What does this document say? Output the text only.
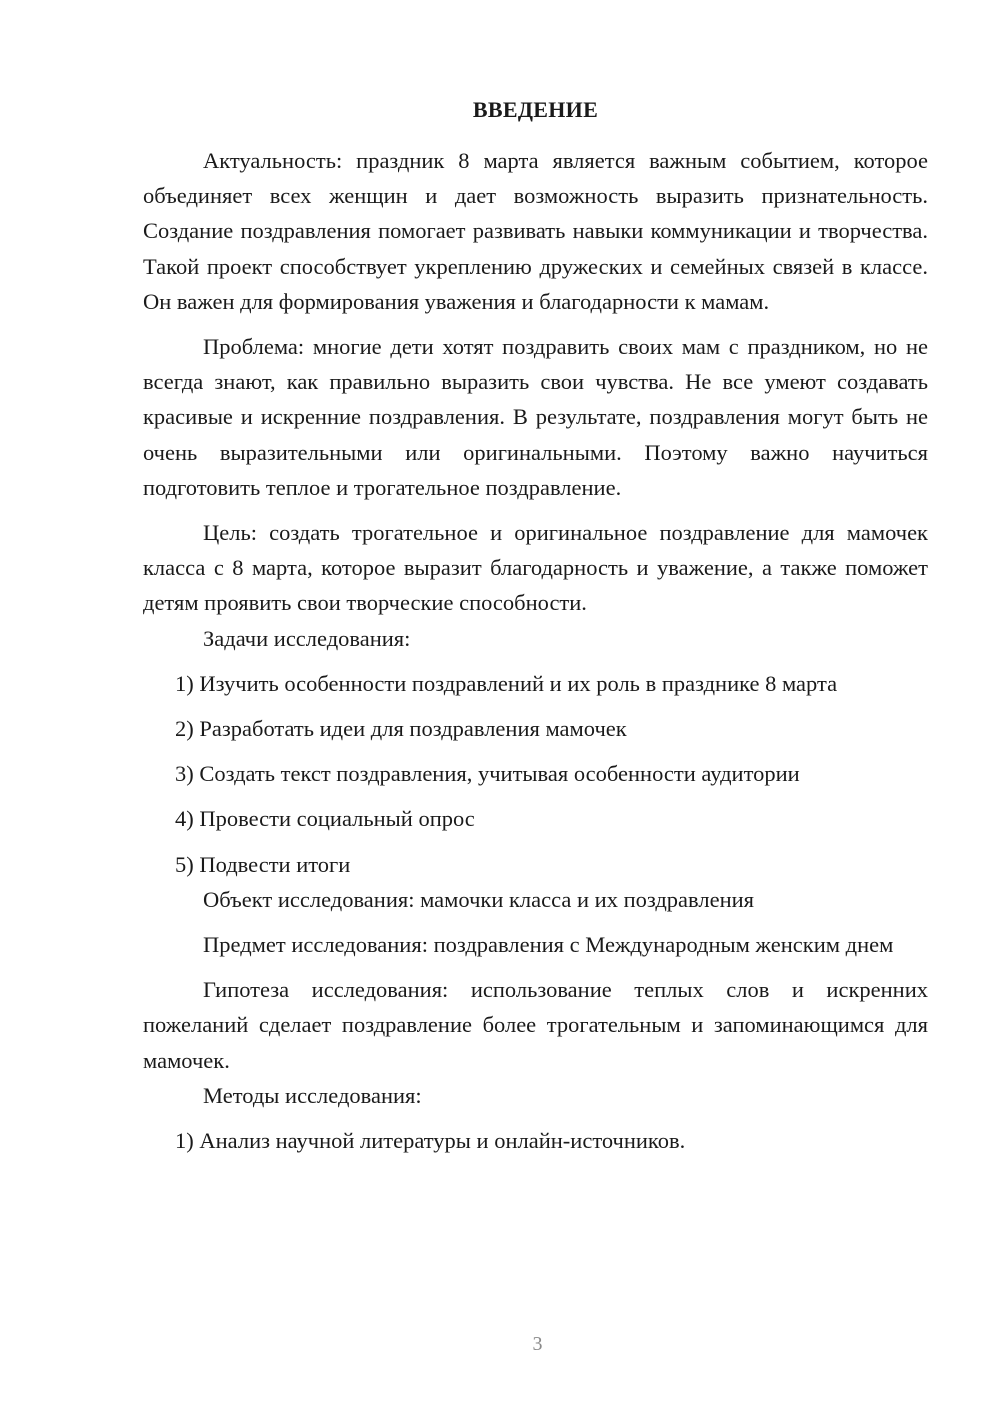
ВВЕДЕНИЕ

Актуальность: праздник 8 марта является важным событием, которое объединяет всех женщин и дает возможность выразить признательность. Создание поздравления помогает развивать навыки коммуникации и творчества. Такой проект способствует укреплению дружеских и семейных связей в классе. Он важен для формирования уважения и благодарности к мамам.

Проблема: многие дети хотят поздравить своих мам с праздником, но не всегда знают, как правильно выразить свои чувства. Не все умеют создавать красивые и искренние поздравления. В результате, поздравления могут быть не очень выразительными или оригинальными. Поэтому важно научиться подготовить теплое и трогательное поздравление.

Цель: создать трогательное и оригинальное поздравление для мамочек класса с 8 марта, которое выразит благодарность и уважение, а также поможет детям проявить свои творческие способности.

Задачи исследования:

1) Изучить особенности поздравлений и их роль в празднике 8 марта

2) Разработать идеи для поздравления мамочек

3) Создать текст поздравления, учитывая особенности аудитории

4) Провести социальный опрос

5) Подвести итоги

Объект исследования: мамочки класса и их поздравления

Предмет исследования: поздравления с Международным женским днем

Гипотеза исследования: использование теплых слов и искренних пожеланий сделает поздравление более трогательным и запоминающимся для мамочек.

Методы исследования:

1) Анализ научной литературы и онлайн-источников.

3
